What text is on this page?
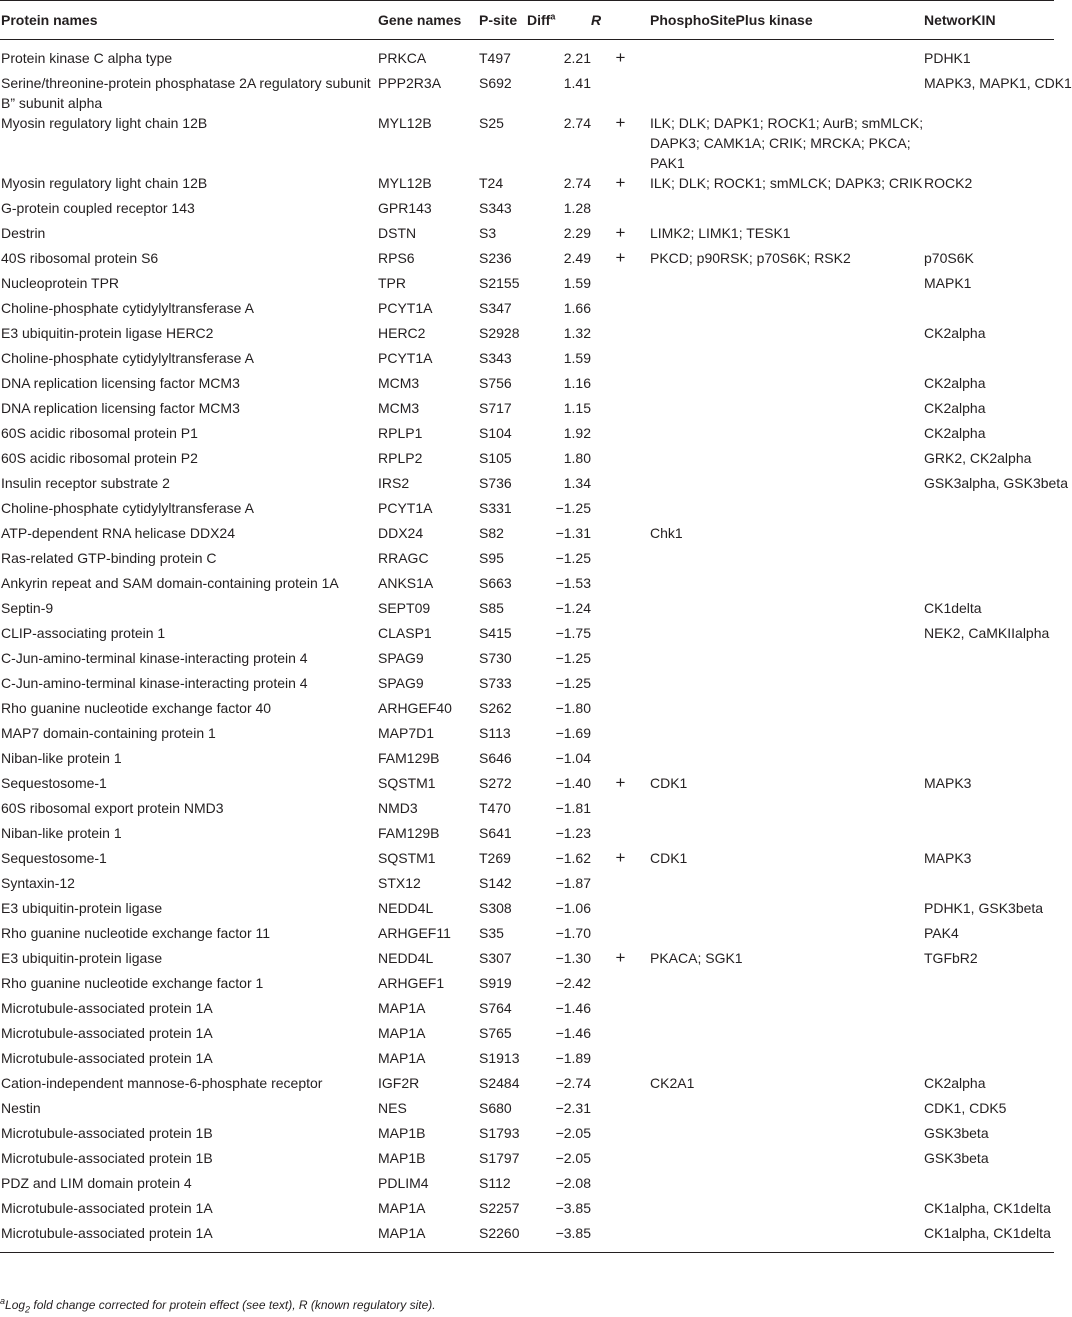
Protein names	Gene names	P-site	Diff$^a$	R	PhosphoSitePlus kinase	NetworKIN
Protein kinase C alpha type	PRKCA	T497	2.21	+		PDHK1
Serine/threonine-protein phosphatase 2A regulatory subunit B” subunit alpha	PPP2R3A	S692	1.41			MAPK3, MAPK1, CDK1
Myosin regulatory light chain 12B	MYL12B	S25	2.74	+	ILK; DLK; DAPK1; ROCK1; AurB; smMLCK; DAPK3; CAMK1A; CRIK; MRCKA; PKCA; PAK1	
Myosin regulatory light chain 12B	MYL12B	T24	2.74	+	ILK; DLK; ROCK1; smMLCK; DAPK3; CRIK	ROCK2
G-protein coupled receptor 143	GPR143	S343	1.28			
Destrin	DSTN	S3	2.29	+	LIMK2; LIMK1; TESK1	
40S ribosomal protein S6	RPS6	S236	2.49	+	PKCD; p90RSK; p70S6K; RSK2	p70S6K
Nucleoprotein TPR	TPR	S2155	1.59			MAPK1
Choline-phosphate cytidylyltransferase A	PCYT1A	S347	1.66			
E3 ubiquitin-protein ligase HERC2	HERC2	S2928	1.32			CK2alpha
Choline-phosphate cytidylyltransferase A	PCYT1A	S343	1.59			
DNA replication licensing factor MCM3	MCM3	S756	1.16			CK2alpha
DNA replication licensing factor MCM3	MCM3	S717	1.15			CK2alpha
60S acidic ribosomal protein P1	RPLP1	S104	1.92			CK2alpha
60S acidic ribosomal protein P2	RPLP2	S105	1.80			GRK2, CK2alpha
Insulin receptor substrate 2	IRS2	S736	1.34			GSK3alpha, GSK3beta
Choline-phosphate cytidylyltransferase A	PCYT1A	S331	−1.25			
ATP-dependent RNA helicase DDX24	DDX24	S82	−1.31		Chk1	
Ras-related GTP-binding protein C	RRAGC	S95	−1.25			
Ankyrin repeat and SAM domain-containing protein 1A	ANKS1A	S663	−1.53			
Septin-9	SEPT09	S85	−1.24			CK1delta
CLIP-associating protein 1	CLASP1	S415	−1.75			NEK2, CaMKIIalpha
C-Jun-amino-terminal kinase-interacting protein 4	SPAG9	S730	−1.25			
C-Jun-amino-terminal kinase-interacting protein 4	SPAG9	S733	−1.25			
Rho guanine nucleotide exchange factor 40	ARHGEF40	S262	−1.80			
MAP7 domain-containing protein 1	MAP7D1	S113	−1.69			
Niban-like protein 1	FAM129B	S646	−1.04			
Sequestosome-1	SQSTM1	S272	−1.40	+	CDK1	MAPK3
60S ribosomal export protein NMD3	NMD3	T470	−1.81			
Niban-like protein 1	FAM129B	S641	−1.23			
Sequestosome-1	SQSTM1	T269	−1.62	+	CDK1	MAPK3
Syntaxin-12	STX12	S142	−1.87			
E3 ubiquitin-protein ligase	NEDD4L	S308	−1.06			PDHK1, GSK3beta
Rho guanine nucleotide exchange factor 11	ARHGEF11	S35	−1.70			PAK4
E3 ubiquitin-protein ligase	NEDD4L	S307	−1.30	+	PKACA; SGK1	TGFbR2
Rho guanine nucleotide exchange factor 1	ARHGEF1	S919	−2.42			
Microtubule-associated protein 1A	MAP1A	S764	−1.46			
Microtubule-associated protein 1A	MAP1A	S765	−1.46			
Microtubule-associated protein 1A	MAP1A	S1913	−1.89			
Cation-independent mannose-6-phosphate receptor	IGF2R	S2484	−2.74		CK2A1	CK2alpha
Nestin	NES	S680	−2.31			CDK1, CDK5
Microtubule-associated protein 1B	MAP1B	S1793	−2.05			GSK3beta
Microtubule-associated protein 1B	MAP1B	S1797	−2.05			GSK3beta
PDZ and LIM domain protein 4	PDLIM4	S112	−2.08			
Microtubule-associated protein 1A	MAP1A	S2257	−3.85			CK1alpha, CK1delta
Microtubule-associated protein 1A	MAP1A	S2260	−3.85			CK1alpha, CK1delta
$^a$Log$_2$ fold change corrected for protein effect (see text), R (known regulatory site).
